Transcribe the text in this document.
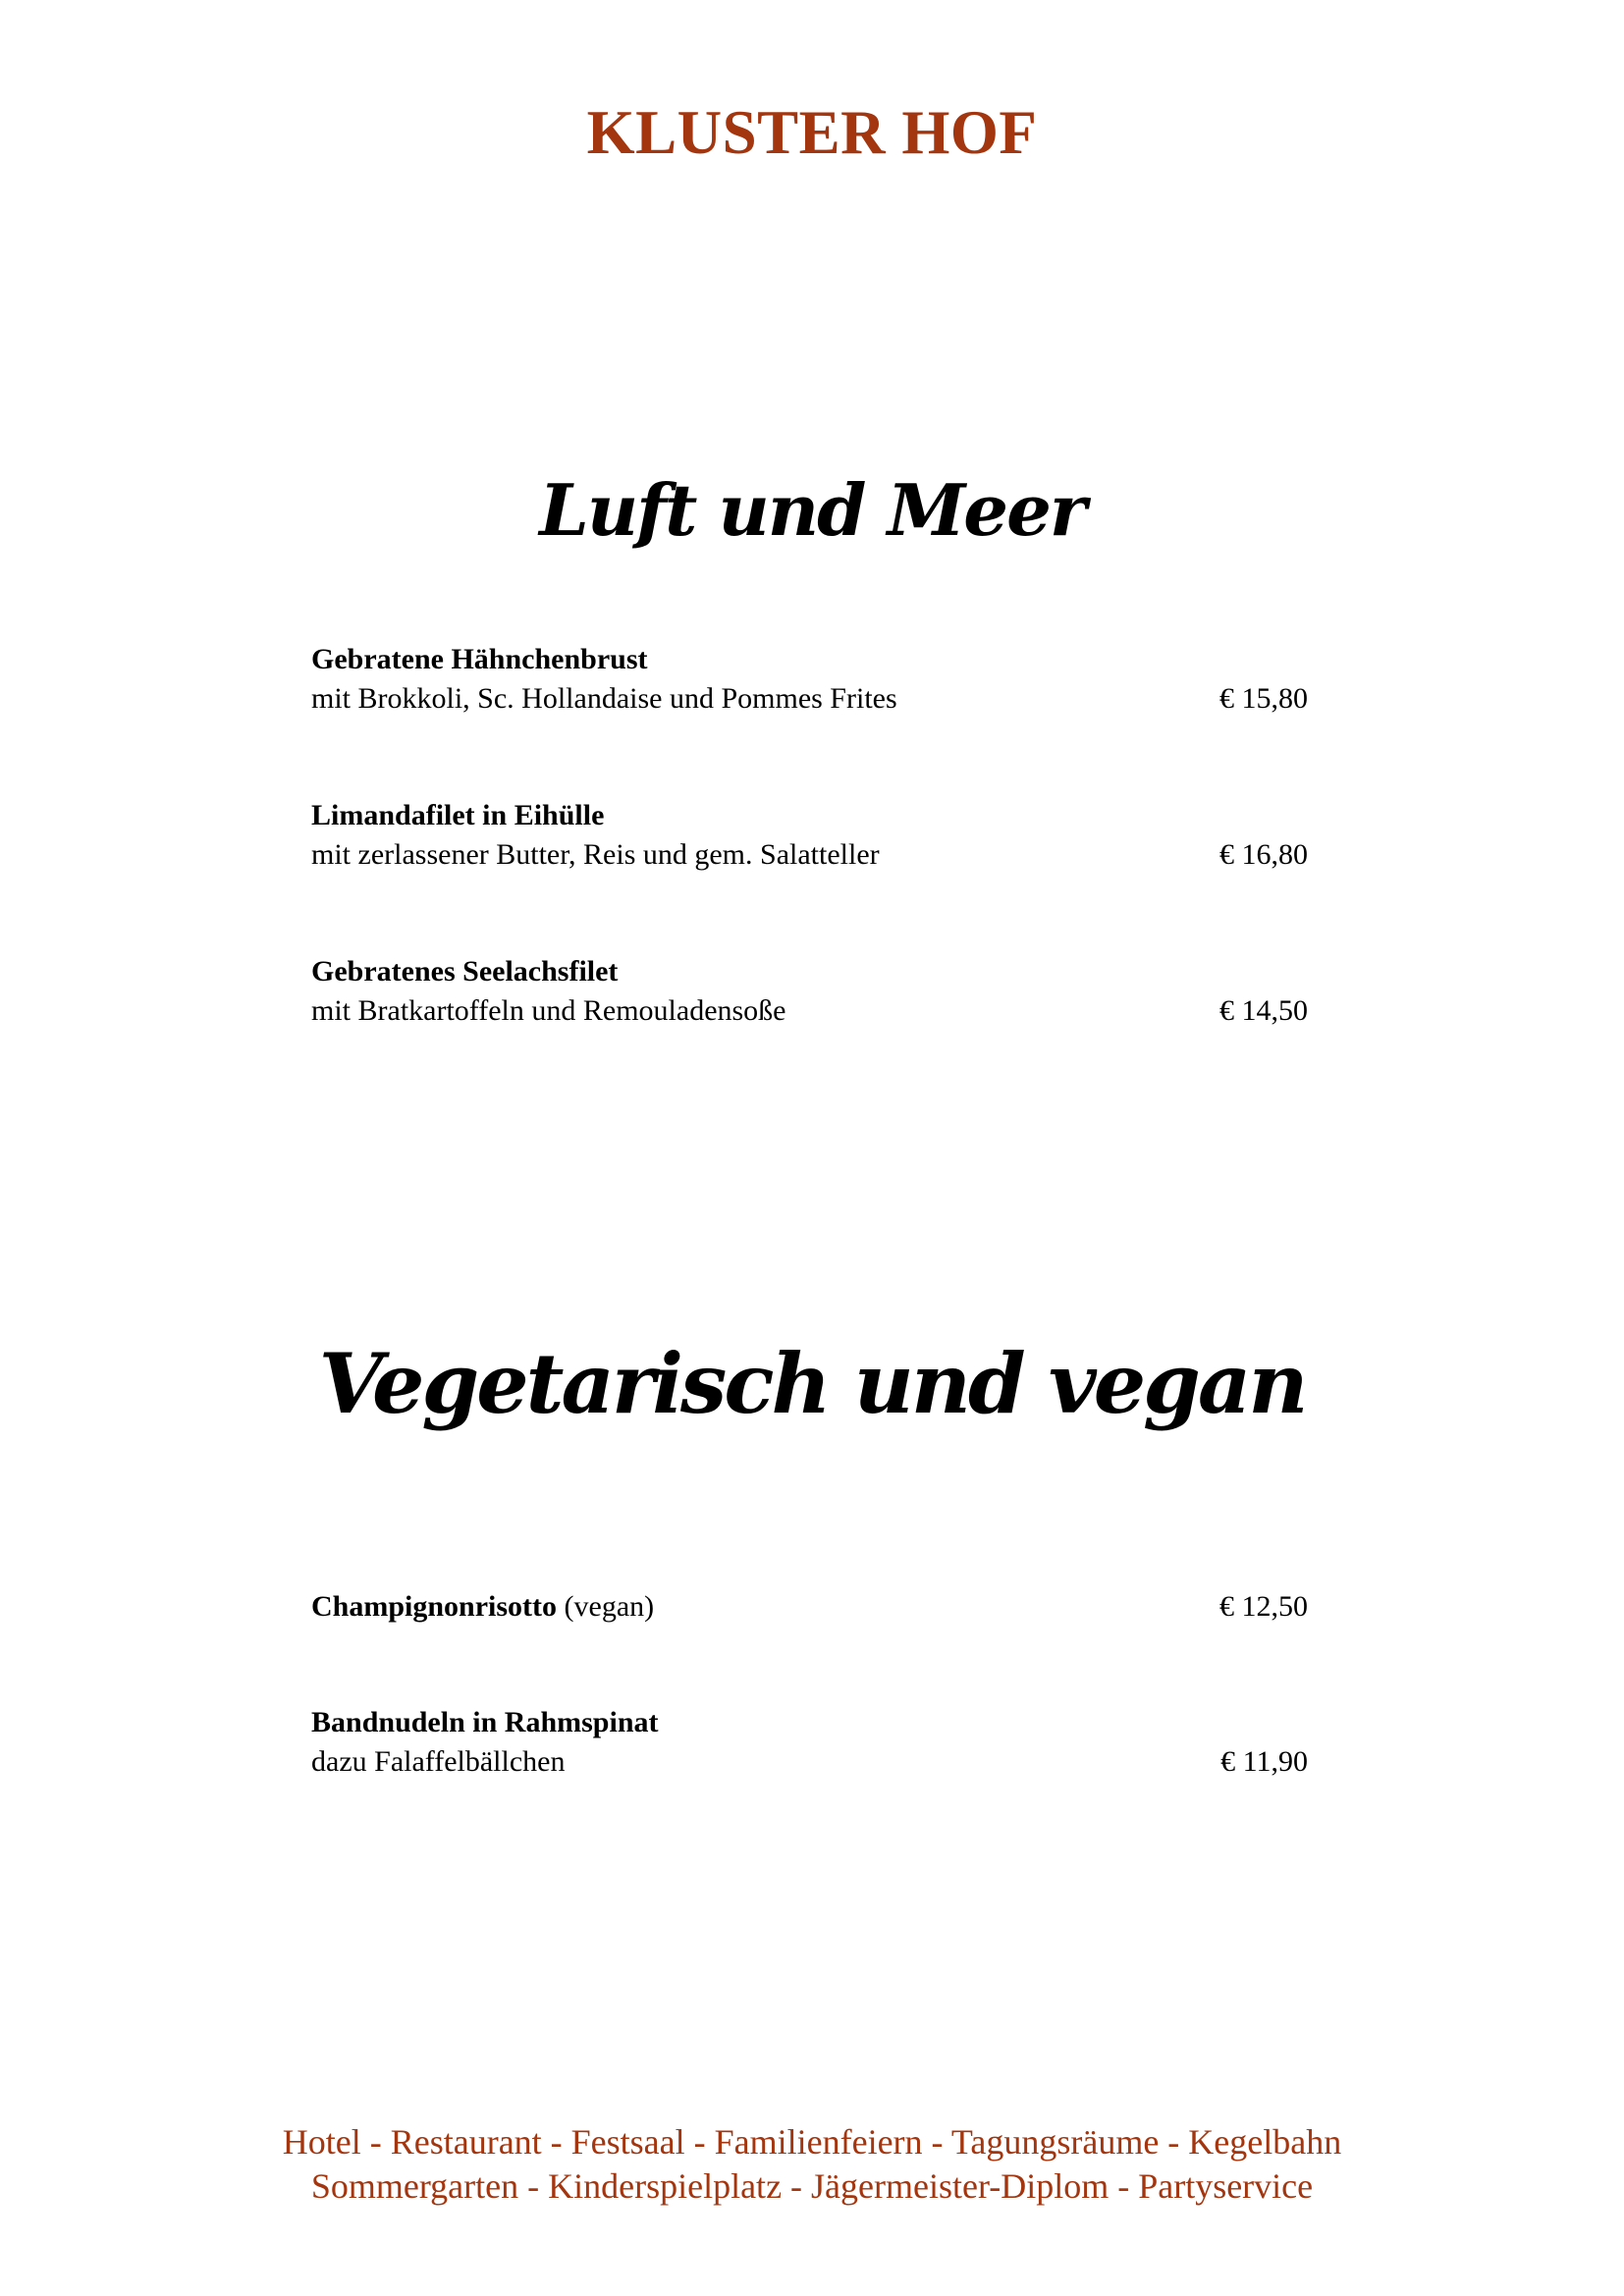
KLUSTER HOF
Luft und Meer
Gebratene Hähnchenbrust
mit Brokkoli, Sc. Hollandaise und Pommes Frites	€ 15,80
Limandafilet in Eihülle
mit zerlassener Butter, Reis und gem. Salatteller	€ 16,80
Gebratenes Seelachsfilet
mit Bratkartoffeln und Remouladensoße	€ 14,50
Vegetarisch und vegan
Champignonrisotto (vegan)	€ 12,50
Bandnudeln in Rahmspinat
dazu Falaffelbällchen	€ 11,90
Hotel - Restaurant - Festsaal - Familienfeiern - Tagungsräume - Kegelbahn
Sommergarten - Kinderspielplatz - Jägermeister-Diplom - Partyservice
